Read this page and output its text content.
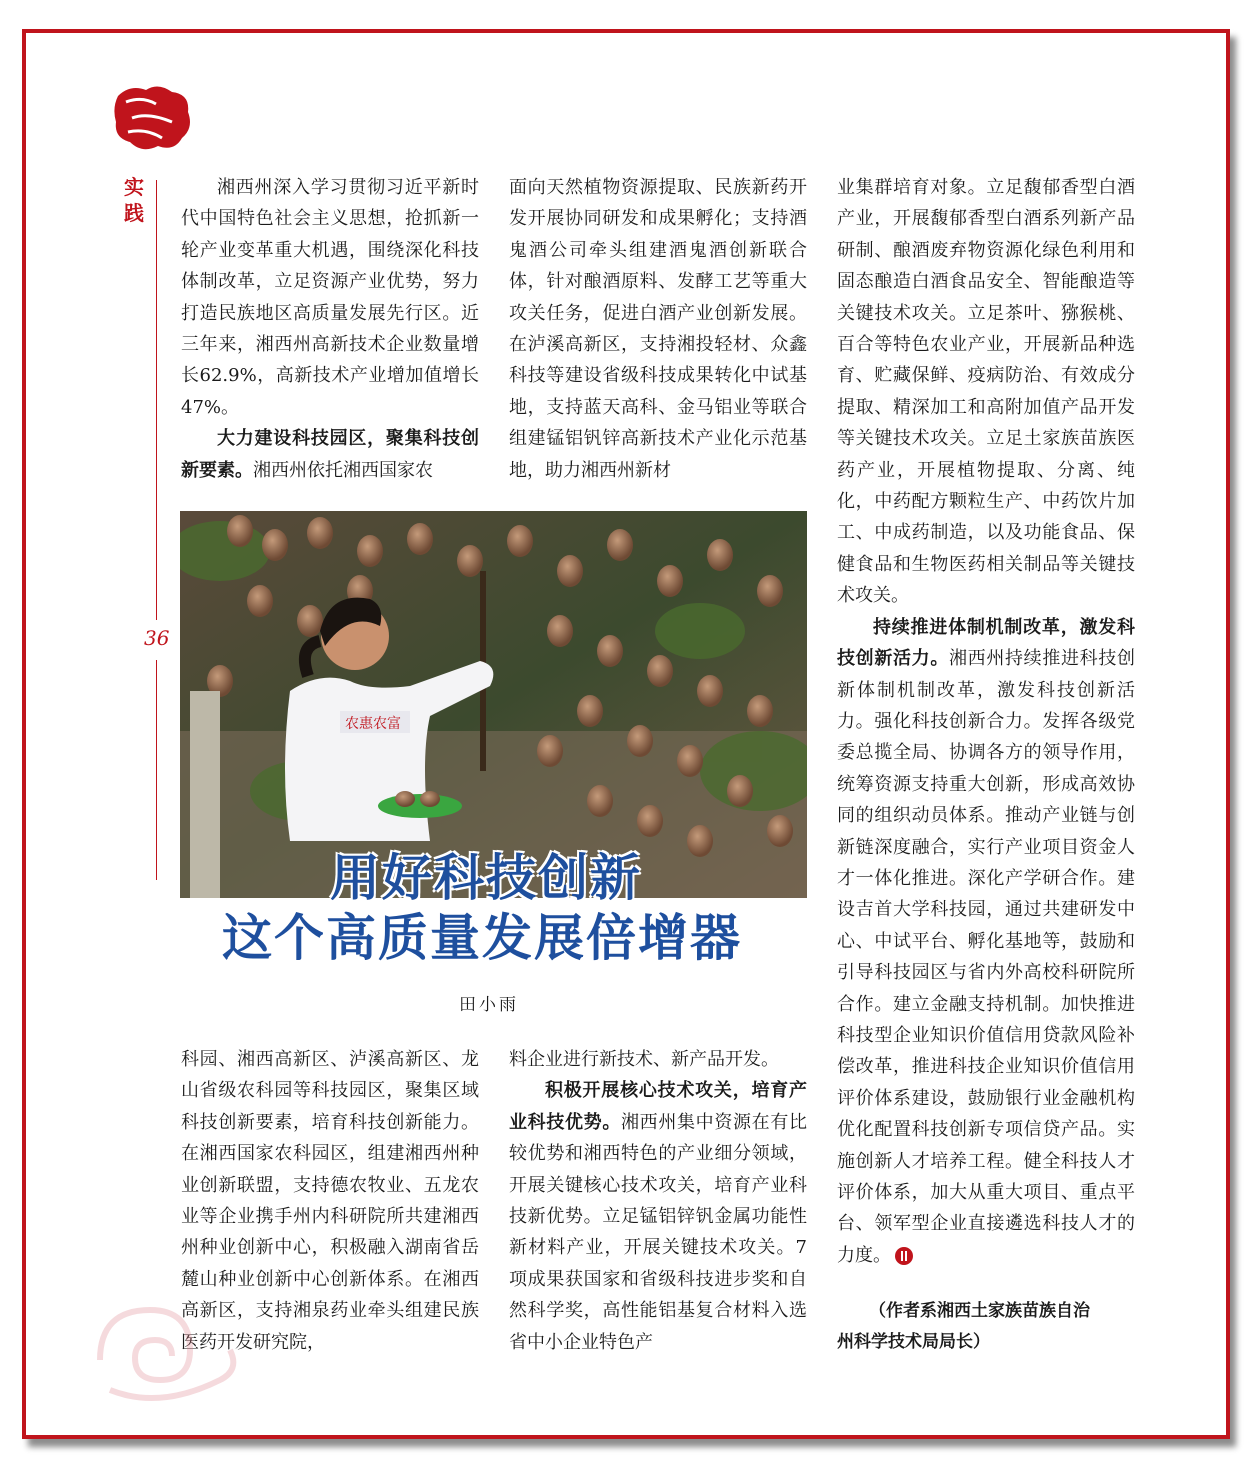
实践
36

湘西州深入学习贯彻习近平新时代中国特色社会主义思想，抢抓新一轮产业变革重大机遇，围绕深化科技体制改革，立足资源产业优势，努力打造民族地区高质量发展先行区。近三年来，湘西州高新技术企业数量增长62.9%，高新技术产业增加值增长47%。

大力建设科技园区，聚集科技创新要素。湘西州依托湘西国家农

面向天然植物资源提取、民族新药开发开展协同研发和成果孵化；支持酒鬼酒公司牵头组建酒鬼酒创新联合体，针对酿酒原料、发酵工艺等重大攻关任务，促进白酒产业创新发展。在泸溪高新区，支持湘投轻材、众鑫科技等建设省级科技成果转化中试基地，支持蓝天高科、金马铝业等联合组建锰铝钒锌高新技术产业化示范基地，助力湘西州新材

业集群培育对象。立足馥郁香型白酒产业，开展馥郁香型白酒系列新产品研制、酿酒废弃物资源化绿色利用和固态酿造白酒食品安全、智能酿造等关键技术攻关。立足茶叶、猕猴桃、百合等特色农业产业，开展新品种选育、贮藏保鲜、疫病防治、有效成分提取、精深加工和高附加值产品开发等关键技术攻关。立足土家族苗族医药产业，开展植物提取、分离、纯化，中药配方颗粒生产、中药饮片加工、中成药制造，以及功能食品、保健食品和生物医药相关制品等关键技术攻关。

持续推进体制机制改革，激发科技创新活力。湘西州持续推进科技创新体制机制改革，激发科技创新活力。强化科技创新合力。发挥各级党委总揽全局、协调各方的领导作用，统筹资源支持重大创新，形成高效协同的组织动员体系。推动产业链与创新链深度融合，实行产业项目资金人才一体化推进。深化产学研合作。建设吉首大学科技园，通过共建研发中心、中试平台、孵化基地等，鼓励和引导科技园区与省内外高校科研院所合作。建立金融支持机制。加快推进科技型企业知识价值信用贷款风险补偿改革，推进科技企业知识价值信用评价体系建设，鼓励银行业金融机构优化配置科技创新专项信贷产品。实施创新人才培养工程。健全科技人才评价体系，加大从重大项目、重点平台、领军型企业直接遴选科技人才的力度。

农惠农富
用好科技创新
这个高质量发展倍增器
田小雨

科园、湘西高新区、泸溪高新区、龙山省级农科园等科技园区，聚集区域科技创新要素，培育科技创新能力。在湘西国家农科园区，组建湘西州种业创新联盟，支持德农牧业、五龙农业等企业携手州内科研院所共建湘西州种业创新中心，积极融入湖南省岳麓山种业创新中心创新体系。在湘西高新区，支持湘泉药业牵头组建民族医药开发研究院，

料企业进行新技术、新产品开发。

积极开展核心技术攻关，培育产业科技优势。湘西州集中资源在有比较优势和湘西特色的产业细分领域，开展关键核心技术攻关，培育产业科技新优势。立足锰铝锌钒金属功能性新材料产业，开展关键技术攻关。7项成果获国家和省级科技进步奖和自然科学奖，高性能铝基复合材料入选省中小企业特色产

（作者系湘西土家族苗族自治
州科学技术局局长）
